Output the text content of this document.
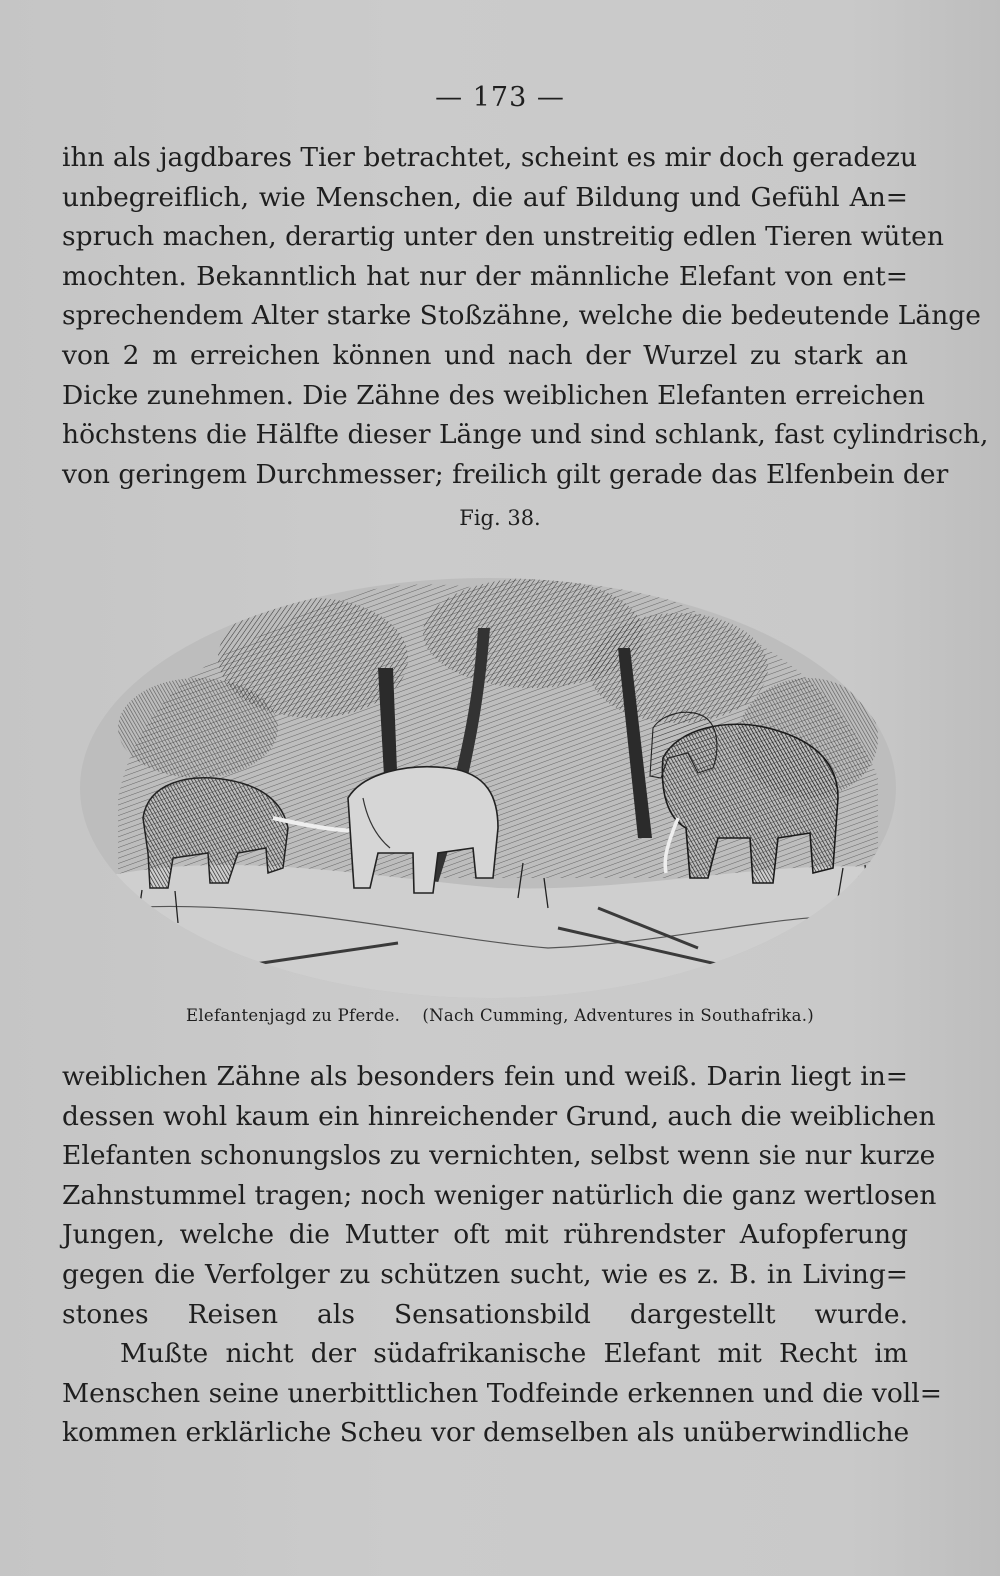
— 173 —
ihn als jagdbares Tier betrachtet, scheint es mir doch geradezu
unbegreiflich, wie Menschen, die auf Bildung und Gefühl An=
spruch machen, derartig unter den unstreitig edlen Tieren wüten
mochten. Bekanntlich hat nur der männliche Elefant von ent=
sprechendem Alter starke Stoßzähne, welche die bedeutende Länge
von 2 m erreichen können und nach der Wurzel zu stark an
Dicke zunehmen. Die Zähne des weiblichen Elefanten erreichen
höchstens die Hälfte dieser Länge und sind schlank, fast cylindrisch,
von geringem Durchmesser; freilich gilt gerade das Elfenbein der
Fig. 38.
Elefantenjagd zu Pferde. (Nach Cumming, Adventures in Southafrika.)
weiblichen Zähne als besonders fein und weiß. Darin liegt in=
dessen wohl kaum ein hinreichender Grund, auch die weiblichen
Elefanten schonungslos zu vernichten, selbst wenn sie nur kurze
Zahnstummel tragen; noch weniger natürlich die ganz wertlosen
Jungen, welche die Mutter oft mit rührendster Aufopferung
gegen die Verfolger zu schützen sucht, wie es z. B. in Living=
stones Reisen als Sensationsbild dargestellt wurde.
Mußte nicht der südafrikanische Elefant mit Recht im
Menschen seine unerbittlichen Todfeinde erkennen und die voll=
kommen erklärliche Scheu vor demselben als unüberwindliche
